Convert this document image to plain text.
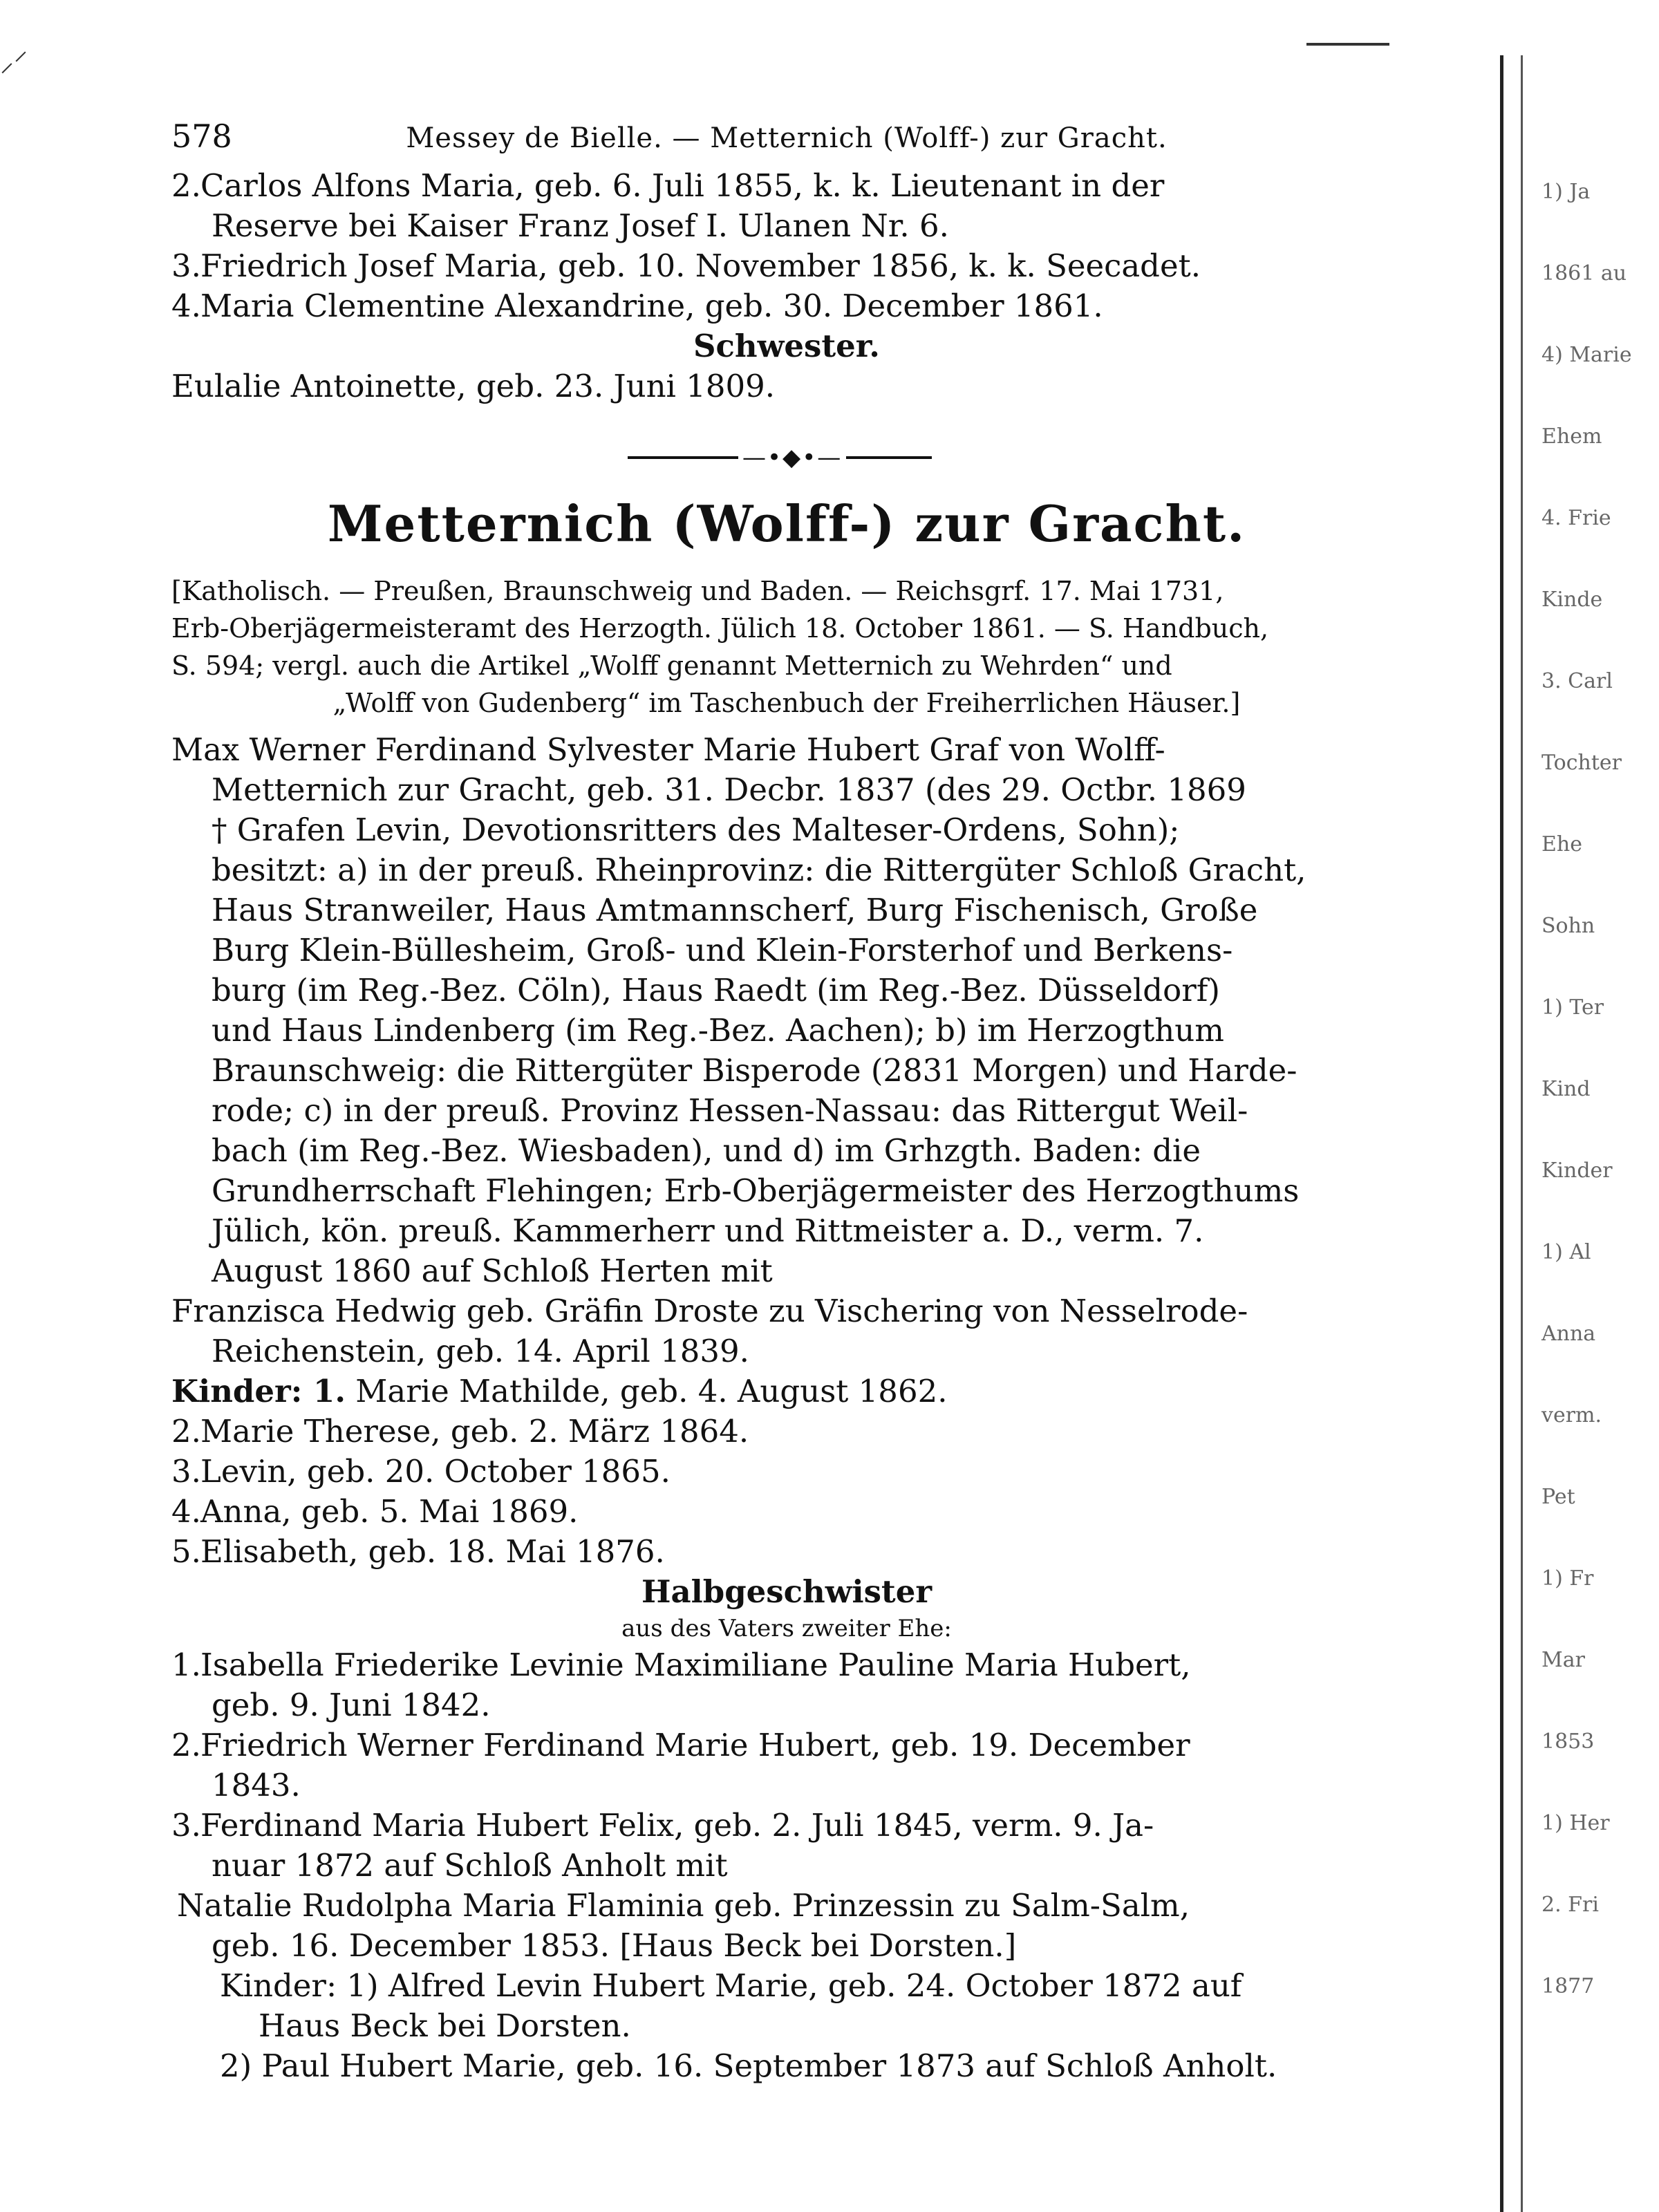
⸝⸍
578	Messey de Bielle. — Metternich (Wolff-) zur Gracht.
2.Carlos Alfons Maria, geb. 6. Juli 1855, k. k. Lieutenant in der
Reserve bei Kaiser Franz Josef I. Ulanen Nr. 6.
3.Friedrich Josef Maria, geb. 10. November 1856, k. k. Seecadet.
4.Maria Clementine Alexandrine, geb. 30. December 1861.
Schwester.
Eulalie Antoinette, geb. 23. Juni 1809.
—•◆•—
Metternich (Wolff-) zur Gracht.
[Katholisch. — Preußen, Braunschweig und Baden. — Reichsgrf. 17. Mai 1731,
Erb-Oberjägermeisteramt des Herzogth. Jülich 18. October 1861. — S. Handbuch,
S. 594; vergl. auch die Artikel „Wolff genannt Metternich zu Wehrden“ und
„Wolff von Gudenberg“ im Taschenbuch der Freiherrlichen Häuser.]
Max Werner Ferdinand Sylvester Marie Hubert Graf von Wolff-
Metternich zur Gracht, geb. 31. Decbr. 1837 (des 29. Octbr. 1869
† Grafen Levin, Devotionsritters des Malteser-Ordens, Sohn);
besitzt: a) in der preuß. Rheinprovinz: die Rittergüter Schloß Gracht,
Haus Stranweiler, Haus Amtmannscherf, Burg Fischenisch, Große
Burg Klein-Büllesheim, Groß- und Klein-Forsterhof und Berkens-
burg (im Reg.-Bez. Cöln), Haus Raedt (im Reg.-Bez. Düsseldorf)
und Haus Lindenberg (im Reg.-Bez. Aachen); b) im Herzogthum
Braunschweig: die Rittergüter Bisperode (2831 Morgen) und Harde-
rode; c) in der preuß. Provinz Hessen-Nassau: das Rittergut Weil-
bach (im Reg.-Bez. Wiesbaden), und d) im Grhzgth. Baden: die
Grundherrschaft Flehingen; Erb-Oberjägermeister des Herzogthums
Jülich, kön. preuß. Kammerherr und Rittmeister a. D., verm. 7.
August 1860 auf Schloß Herten mit
Franzisca Hedwig geb. Gräfin Droste zu Vischering von Nesselrode-
Reichenstein, geb. 14. April 1839.
Kinder: 1. Marie Mathilde, geb. 4. August 1862.
2.Marie Therese, geb. 2. März 1864.
3.Levin, geb. 20. October 1865.
4.Anna, geb. 5. Mai 1869.
5.Elisabeth, geb. 18. Mai 1876.
Halbgeschwister
aus des Vaters zweiter Ehe:
1.Isabella Friederike Levinie Maximiliane Pauline Maria Hubert,
geb. 9. Juni 1842.
2.Friedrich Werner Ferdinand Marie Hubert, geb. 19. December
1843.
3.Ferdinand Maria Hubert Felix, geb. 2. Juli 1845, verm. 9. Ja-
nuar 1872 auf Schloß Anholt mit
Natalie Rudolpha Maria Flaminia geb. Prinzessin zu Salm-Salm,
geb. 16. December 1853. [Haus Beck bei Dorsten.]
Kinder: 1) Alfred Levin Hubert Marie, geb. 24. October 1872 auf
Haus Beck bei Dorsten.
2) Paul Hubert Marie, geb. 16. September 1873 auf Schloß Anholt.
1) Ja
1861 au
4) Marie
Ehem
4. Frie
Kinde
3. Carl
Tochter
Ehe
Sohn
1) Ter
Kind
Kinder
1) Al
Anna
verm.
Pet
1) Fr
Mar
1853
1) Her
2. Fri
1877
